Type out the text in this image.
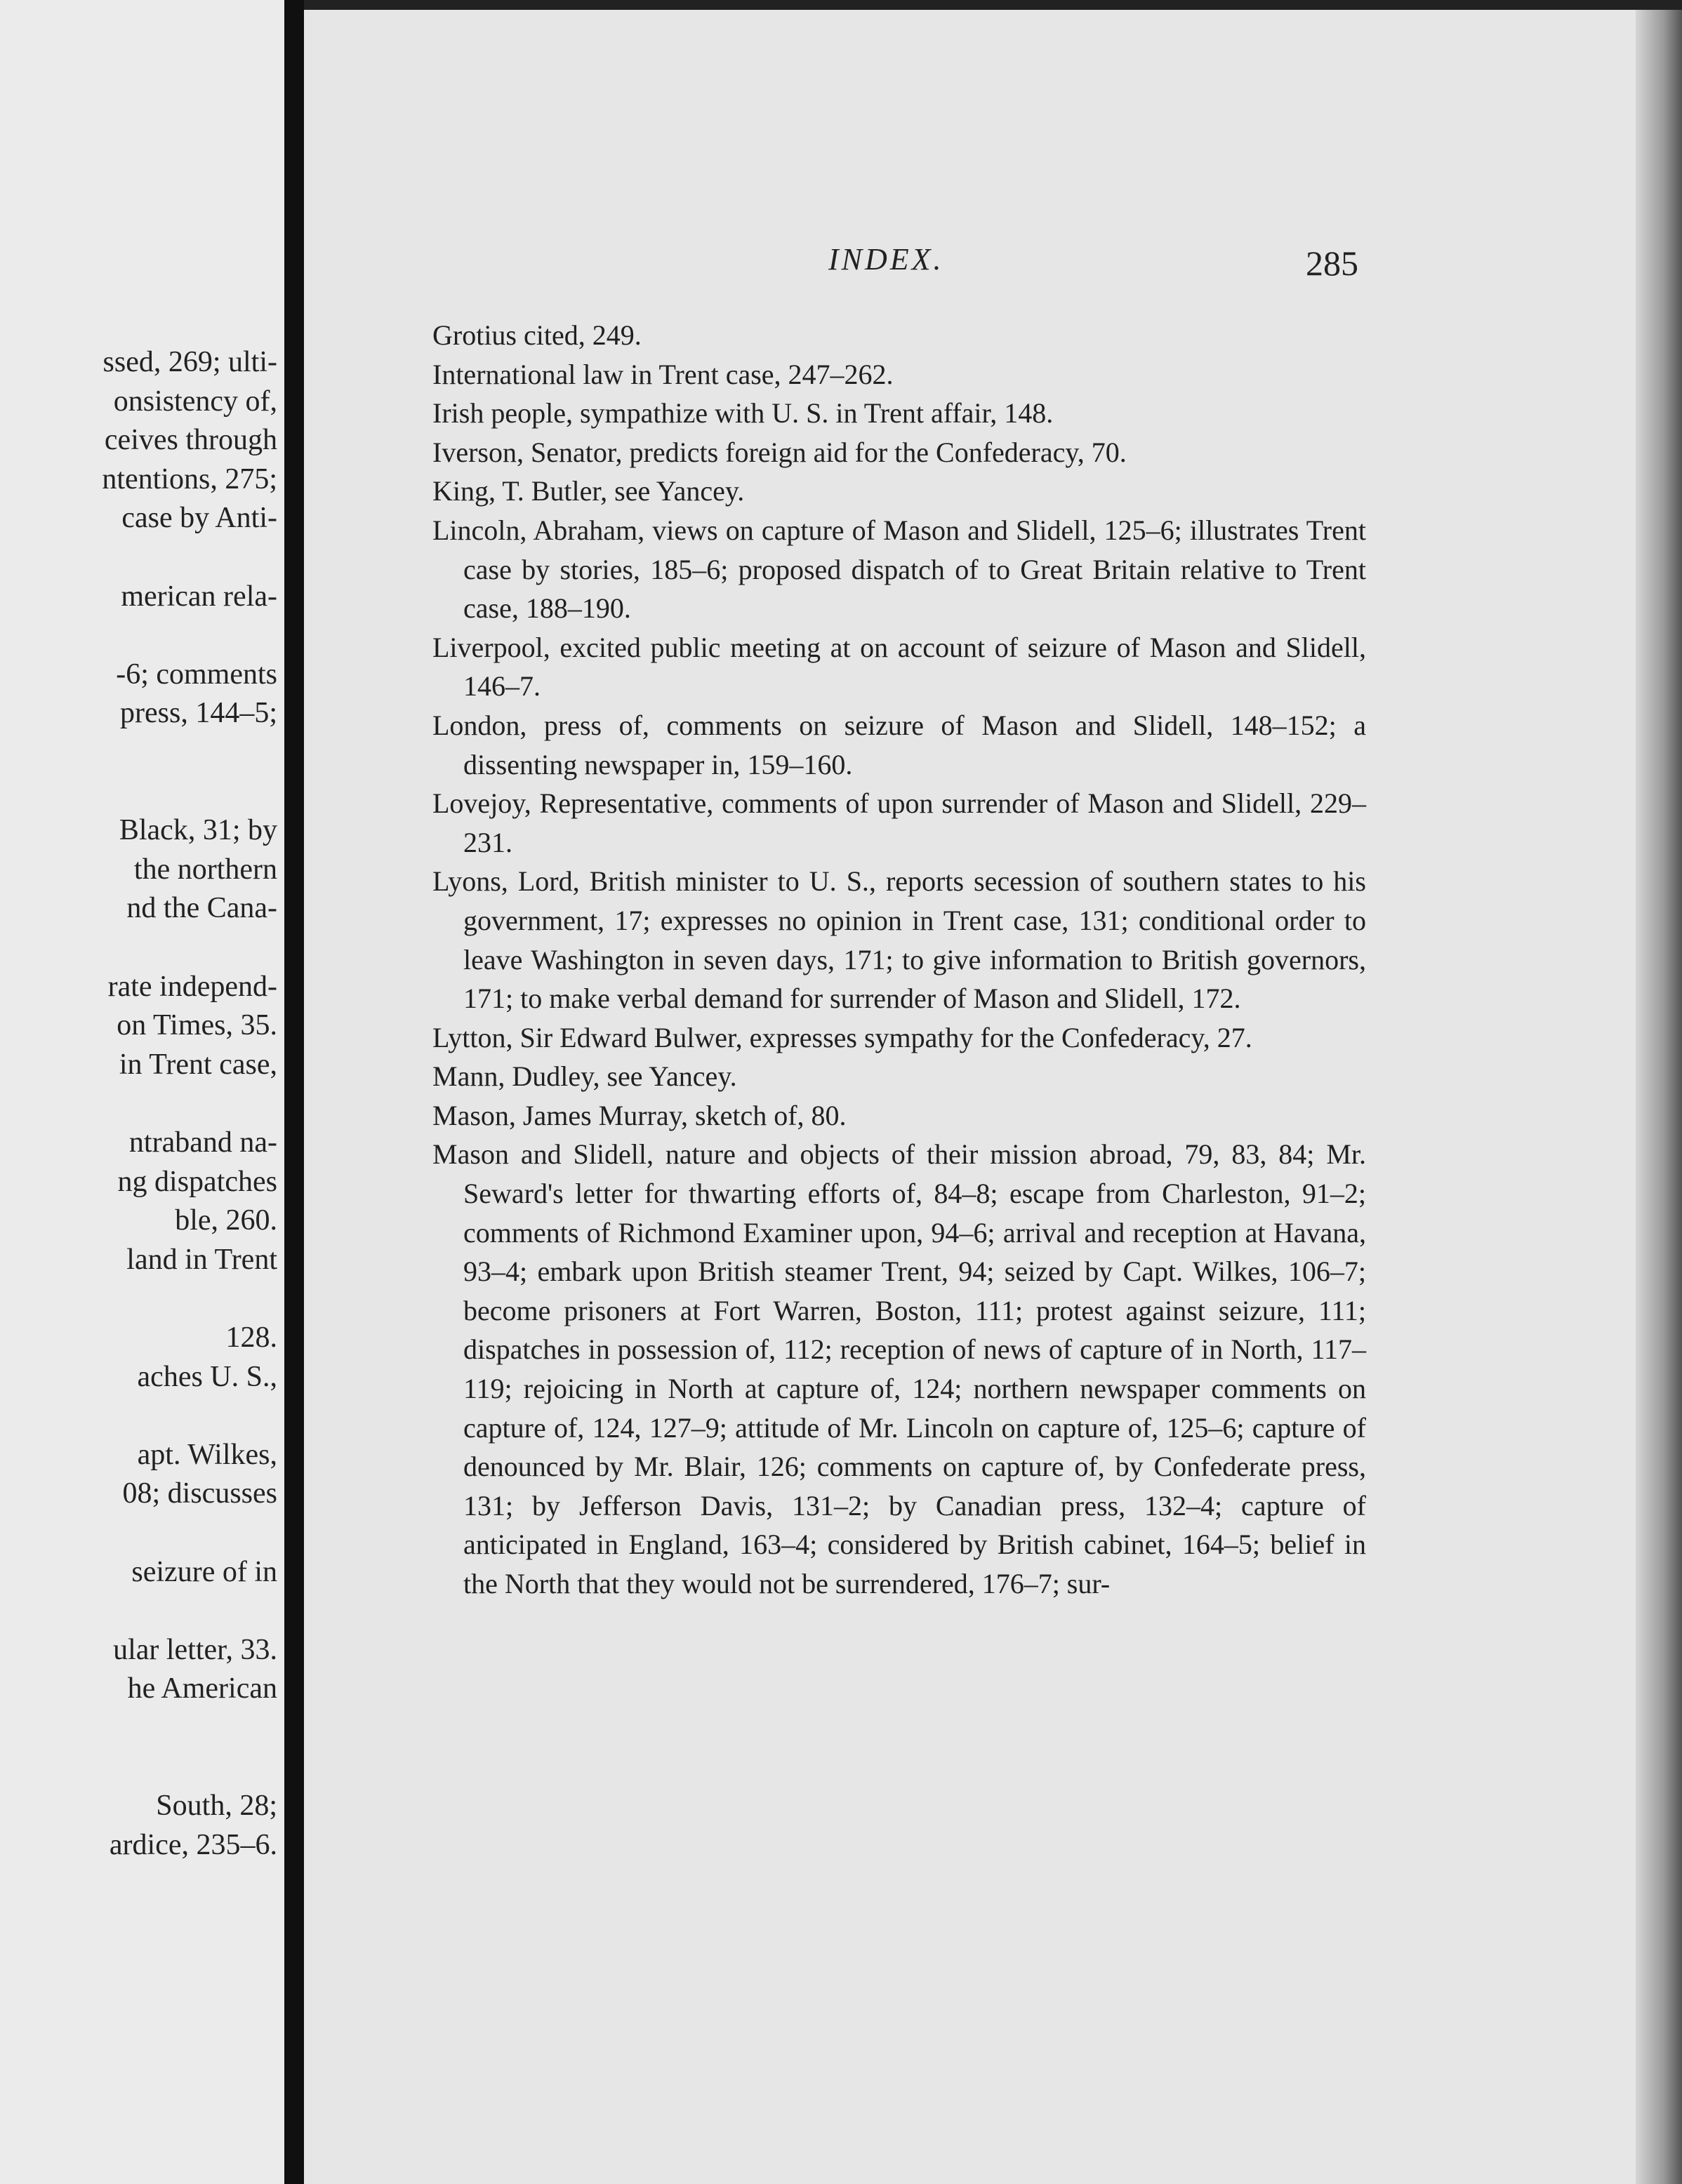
ssed, 269; ulti-
onsistency of,
ceives through
ntentions, 275;
case by Anti-
merican rela-
-6; comments
press, 144–5;
Black, 31; by
the northern
nd the Cana-
rate independ-
on Times, 35.
in Trent case,
ntraband na-
ng dispatches
ble, 260.
land in Trent
128.
aches U. S.,
apt. Wilkes,
08; discusses
seizure of in
ular letter, 33.
he American
South, 28;
ardice, 235–6.
INDEX.	285

Grotius cited, 249.

International law in Trent case, 247–262.

Irish people, sympathize with U. S. in Trent affair, 148.

Iverson, Senator, predicts foreign aid for the Confederacy, 70.

King, T. Butler, see Yancey.

Lincoln, Abraham, views on capture of Mason and Slidell, 125–6; illustrates Trent case by stories, 185–6; proposed dispatch of to Great Britain relative to Trent case, 188–190.

Liverpool, excited public meeting at on account of seizure of Mason and Slidell, 146–7.

London, press of, comments on seizure of Mason and Slidell, 148–152; a dissenting newspaper in, 159–160.

Lovejoy, Representative, comments of upon surrender of Mason and Slidell, 229–231.

Lyons, Lord, British minister to U. S., reports secession of southern states to his government, 17; expresses no opinion in Trent case, 131; conditional order to leave Washington in seven days, 171; to give information to British governors, 171; to make verbal demand for surrender of Mason and Slidell, 172.

Lytton, Sir Edward Bulwer, expresses sympathy for the Confederacy, 27.

Mann, Dudley, see Yancey.

Mason, James Murray, sketch of, 80.

Mason and Slidell, nature and objects of their mission abroad, 79, 83, 84; Mr. Seward's letter for thwarting efforts of, 84–8; escape from Charleston, 91–2; comments of Richmond Examiner upon, 94–6; arrival and reception at Havana, 93–4; embark upon British steamer Trent, 94; seized by Capt. Wilkes, 106–7; become prisoners at Fort Warren, Boston, 111; protest against seizure, 111; dispatches in possession of, 112; reception of news of capture of in North, 117–119; rejoicing in North at capture of, 124; northern newspaper comments on capture of, 124, 127–9; attitude of Mr. Lincoln on capture of, 125–6; capture of denounced by Mr. Blair, 126; comments on capture of, by Confederate press, 131; by Jefferson Davis, 131–2; by Canadian press, 132–4; capture of anticipated in England, 163–4; considered by British cabinet, 164–5; belief in the North that they would not be surrendered, 176–7; sur-
